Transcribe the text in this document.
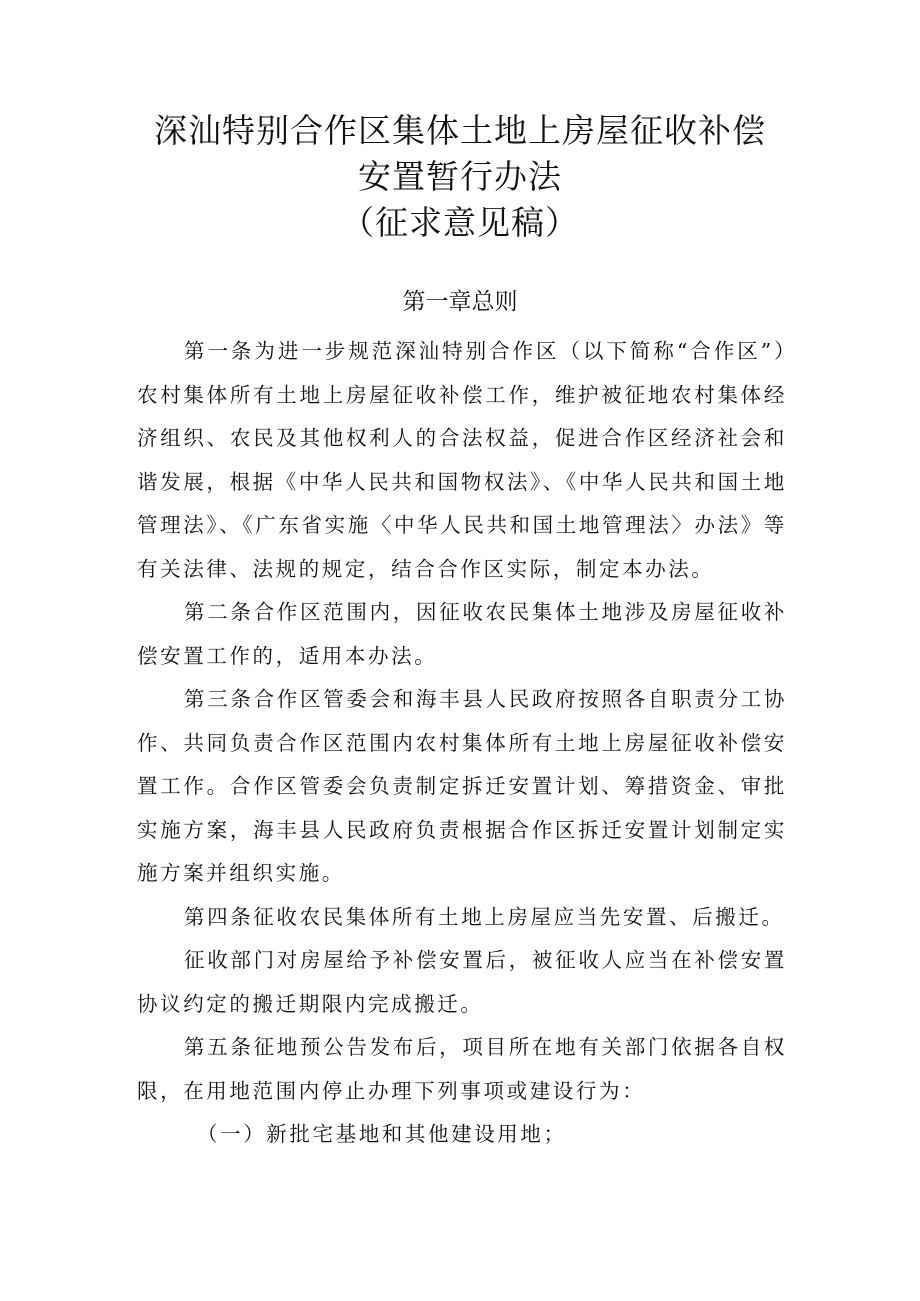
深汕特别合作区集体土地上房屋征收补偿
安置暂行办法
（征求意见稿）
第一章总则

第一条为进一步规范深汕特别合作区（以下简称“合作区”）农村集体所有土地上房屋征收补偿工作，维护被征地农村集体经济组织、农民及其他权利人的合法权益，促进合作区经济社会和谐发展，根据《中华人民共和国物权法》、《中华人民共和国土地管理法》、《广东省实施〈中华人民共和国土地管理法〉办法》等有关法律、法规的规定，结合合作区实际，制定本办法。

第二条合作区范围内，因征收农民集体土地涉及房屋征收补偿安置工作的，适用本办法。

第三条合作区管委会和海丰县人民政府按照各自职责分工协作、共同负责合作区范围内农村集体所有土地上房屋征收补偿安置工作。合作区管委会负责制定拆迁安置计划、筹措资金、审批实施方案，海丰县人民政府负责根据合作区拆迁安置计划制定实施方案并组织实施。

第四条征收农民集体所有土地上房屋应当先安置、后搬迁。

征收部门对房屋给予补偿安置后，被征收人应当在补偿安置协议约定的搬迁期限内完成搬迁。

第五条征地预公告发布后，项目所在地有关部门依据各自权限，在用地范围内停止办理下列事项或建设行为：

（一）新批宅基地和其他建设用地；
